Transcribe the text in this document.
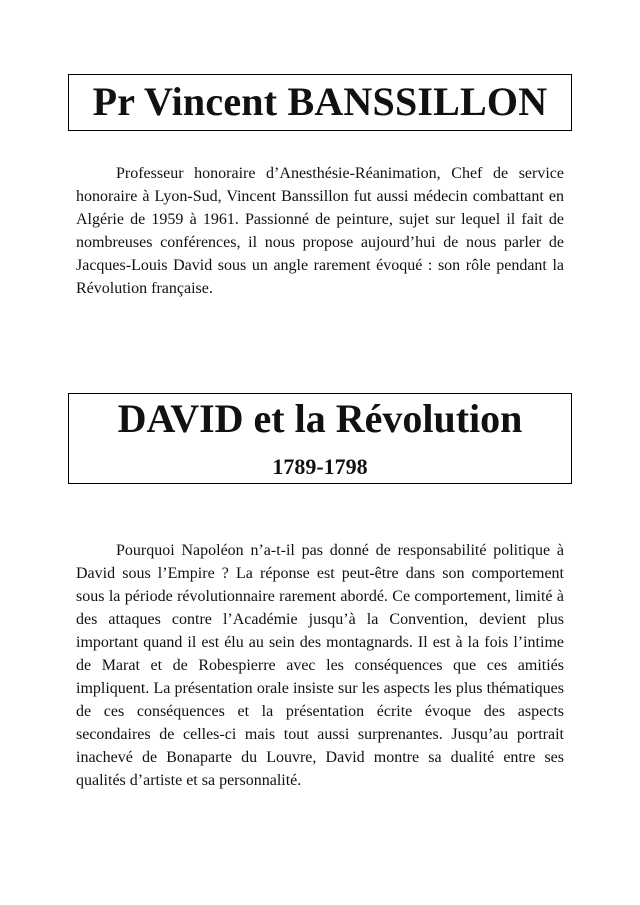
Pr Vincent BANSSILLON

Professeur honoraire d’Anesthésie-Réanimation, Chef de service honoraire à Lyon-Sud, Vincent Banssillon fut aussi médecin combattant en Algérie de 1959 à 1961. Passionné de peinture, sujet sur lequel il fait de nombreuses conférences, il nous propose aujourd’hui de nous parler de Jacques-Louis David sous un angle rarement évoqué : son rôle pendant la Révolution française.

DAVID et la Révolution
1789-1798

Pourquoi Napoléon n’a-t-il pas donné de responsabilité politique à David sous l’Empire ? La réponse est peut-être dans son comportement sous la période révolutionnaire rarement abordé. Ce comportement, limité à des attaques contre l’Académie jusqu’à la Convention, devient plus important quand il est élu au sein des montagnards. Il est à la fois l’intime de Marat et de Robespierre avec les conséquences que ces amitiés impliquent. La présentation orale insiste sur les aspects les plus thématiques de ces conséquences et la présentation écrite évoque des aspects secondaires de celles-ci mais tout aussi surprenantes. Jusqu’au portrait inachevé de Bonaparte du Louvre, David montre sa dualité entre ses qualités d’artiste et sa personnalité.
